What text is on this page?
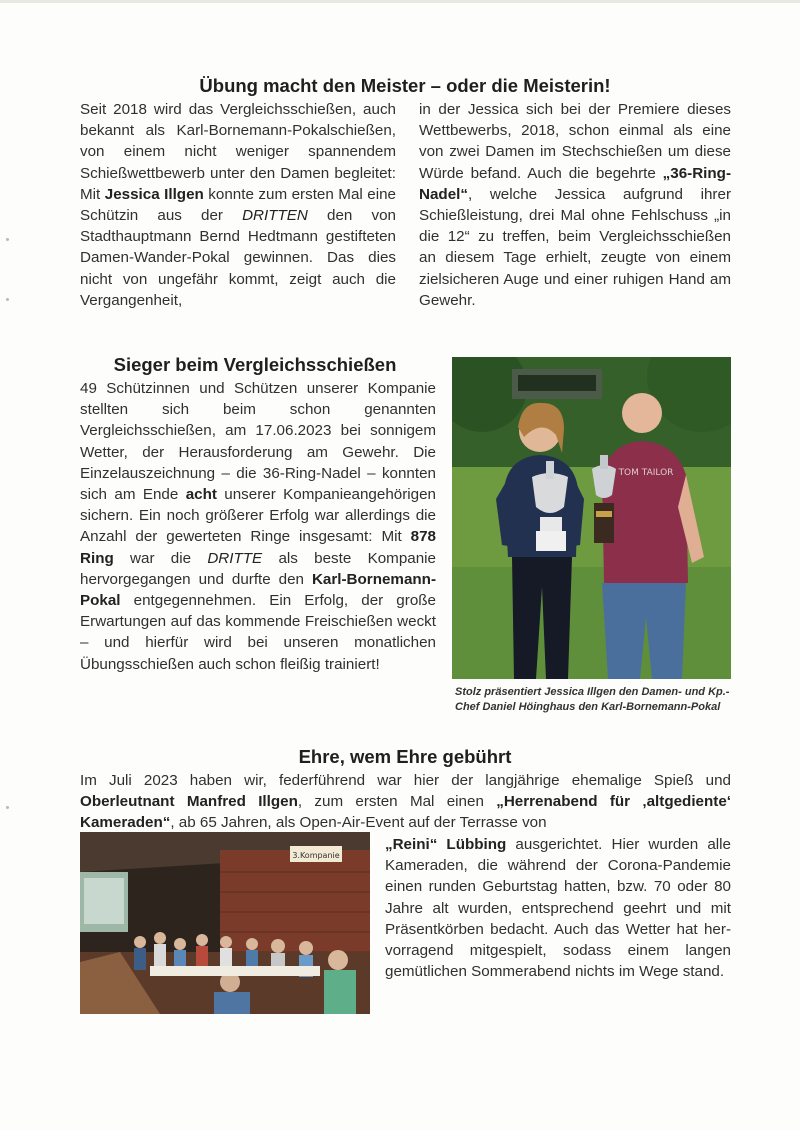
Übung macht den Meister – oder die Meisterin!

Seit 2018 wird das Vergleichsschießen, auch bekannt als Karl-Bornemann-Pokalschießen, von einem nicht weniger spannendem Schießwettbewerb unter den Damen begleitet: Mit Jessica Illgen konnte zum ersten Mal eine Schützin aus der DRITTEN den von Stadthauptmann Bernd Hedtmann gestifteten Damen-Wander-Pokal gewinnen. Das dies nicht von ungefähr kommt, zeigt auch die Vergangenheit,

in der Jessica sich bei der Premiere dieses Wettbewerbs, 2018, schon einmal als eine von zwei Damen im Stechschießen um diese Würde befand. Auch die begehrte „36-Ring-Nadel“, welche Jessica aufgrund ihrer Schießleistung, drei Mal ohne Fehlschuss „in die 12“ zu treffen, beim Vergleichsschießen an diesem Tage erhielt, zeugte von einem zielsicheren Auge und einer ruhigen Hand am Gewehr.

Sieger beim Vergleichsschießen

49 Schützinnen und Schützen unserer Kompanie stellten sich beim schon genannten Vergleichsschießen, am 17.06.2023 bei sonnigem Wetter, der Herausforderung am Gewehr. Die Einzelauszeichnung – die 36-Ring-Nadel – konnten sich am Ende acht unserer Kompanieangehörigen sichern. Ein noch größerer Erfolg war allerdings die Anzahl der gewerteten Ringe insgesamt: Mit 878 Ring war die DRITTE als beste Kompanie hervorgegangen und durfte den Karl-Bornemann-Pokal entgegennehmen. Ein Erfolg, der große Erwartungen auf das kommende Freischießen weckt – und hierfür wird bei unseren monatlichen Übungsschießen auch schon fleißig trainiert!

TOM TAILOR

Stolz präsentiert Jessica Illgen den Damen- und Kp.-Chef Daniel Höinghaus den Karl-Bornemann-Pokal

Ehre, wem Ehre gebührt

Im Juli 2023 haben wir, federführend war hier der langjährige ehemalige Spieß und Oberleutnant Manfred Illgen, zum ersten Mal einen „Herrenabend für ‚altgediente‘ Kameraden“, ab 65 Jahren, als Open-Air-Event auf der Terrasse von

„Reini“ Lübbing ausgerichtet. Hier wurden alle Kameraden, die während der Corona-Pandemie einen runden Geburtstag hatten, bzw. 70 oder 80 Jahre alt wurden, entsprechend geehrt und mit Präsentkörben bedacht. Auch das Wetter hat hervorragend mitgespielt, sodass einem langen gemütlichen Sommerabend nichts im Wege stand.

3.Kompanie
